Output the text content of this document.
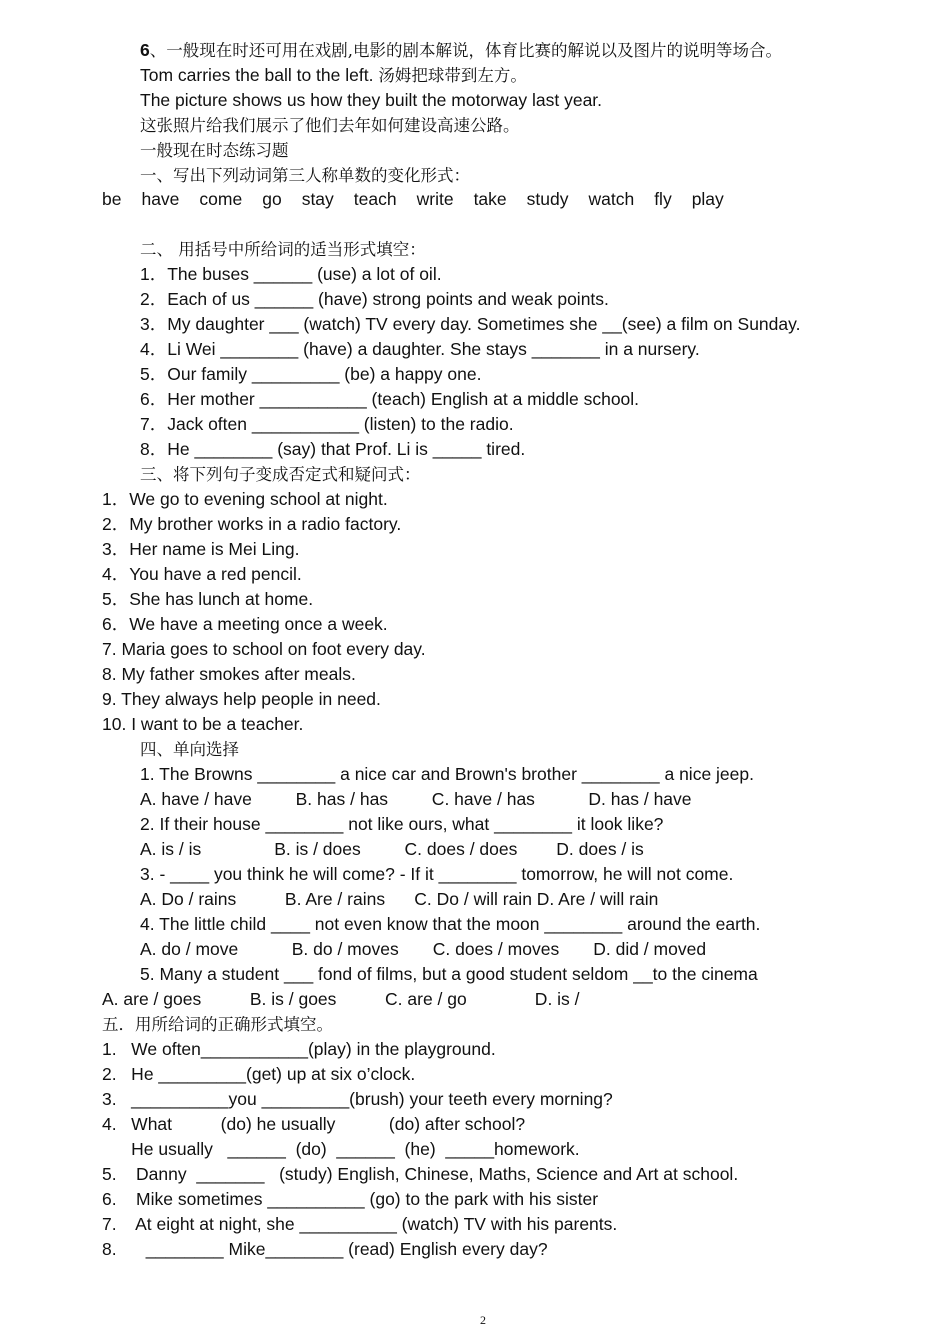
6、一般现在时还可用在戏剧,电影的剧本解说，体育比赛的解说以及图片的说明等场合。
Tom carries the ball to the left. 汤姆把球带到左方。
The picture shows us how they built the motorway last year.
这张照片给我们展示了他们去年如何建设高速公路。
一般现在时态练习题
一、写出下列动词第三人称单数的变化形式：
be have come go stay teach write take study watch fly play
二、 用括号中所给词的适当形式填空：
1．The buses ______ (use) a lot of oil.
2．Each of us ______ (have) strong points and weak points.
3．My daughter ___ (watch) TV every day. Sometimes she __(see) a film on Sunday.
4．Li Wei ________ (have) a daughter. She stays _______ in a nursery.
5．Our family _________ (be) a happy one.
6．Her mother ___________ (teach) English at a middle school.
7．Jack often ___________ (listen) to the radio.
8．He ________ (say) that Prof. Li is _____ tired.
三、将下列句子变成否定式和疑问式：
1．We go to evening school at night.
2．My brother works in a radio factory.
3．Her name is Mei Ling.
4．You have a red pencil.
5．She has lunch at home.
6．We have a meeting once a week.
7. Maria goes to school on foot every day.
8. My father smokes after meals.
9. They always help people in need.
10. I want to be a teacher.
四、单向选择
1. The Browns ________ a nice car and Brown's brother ________ a nice jeep.
A. have / have         B. has / has         C. have / has           D. has / have
2. If their house ________ not like ours, what ________ it look like?
A. is / is               B. is / does         C. does / does        D. does / is
3. - ____ you think he will come? - If it ________ tomorrow, he will not come.
A. Do / rains          B. Are / rains      C. Do / will rain D. Are / will rain
4. The little child ____ not even know that the moon ________ around the earth.
A. do / move           B. do / moves       C. does / moves       D. did / moved
5. Many a student ___ fond of films, but a good student seldom __to the cinema
A. are / goes          B. is / goes          C. are / go              D. is /
五．用所给词的正确形式填空。
1.   We often___________(play) in the playground.
2.   He _________(get) up at six o’clock.
3.   __________you _________(brush) your teeth every morning?
4.   What          (do) he usually           (do) after school?
He usually   ______  (do)  ______  (he)  _____homework.
5.    Danny  _______   (study) English, Chinese, Maths, Science and Art at school.
6.    Mike sometimes __________ (go) to the park with his sister
7.    At eight at night, she __________ (watch) TV with his parents.
8.      ________ Mike________ (read) English every day?
2
